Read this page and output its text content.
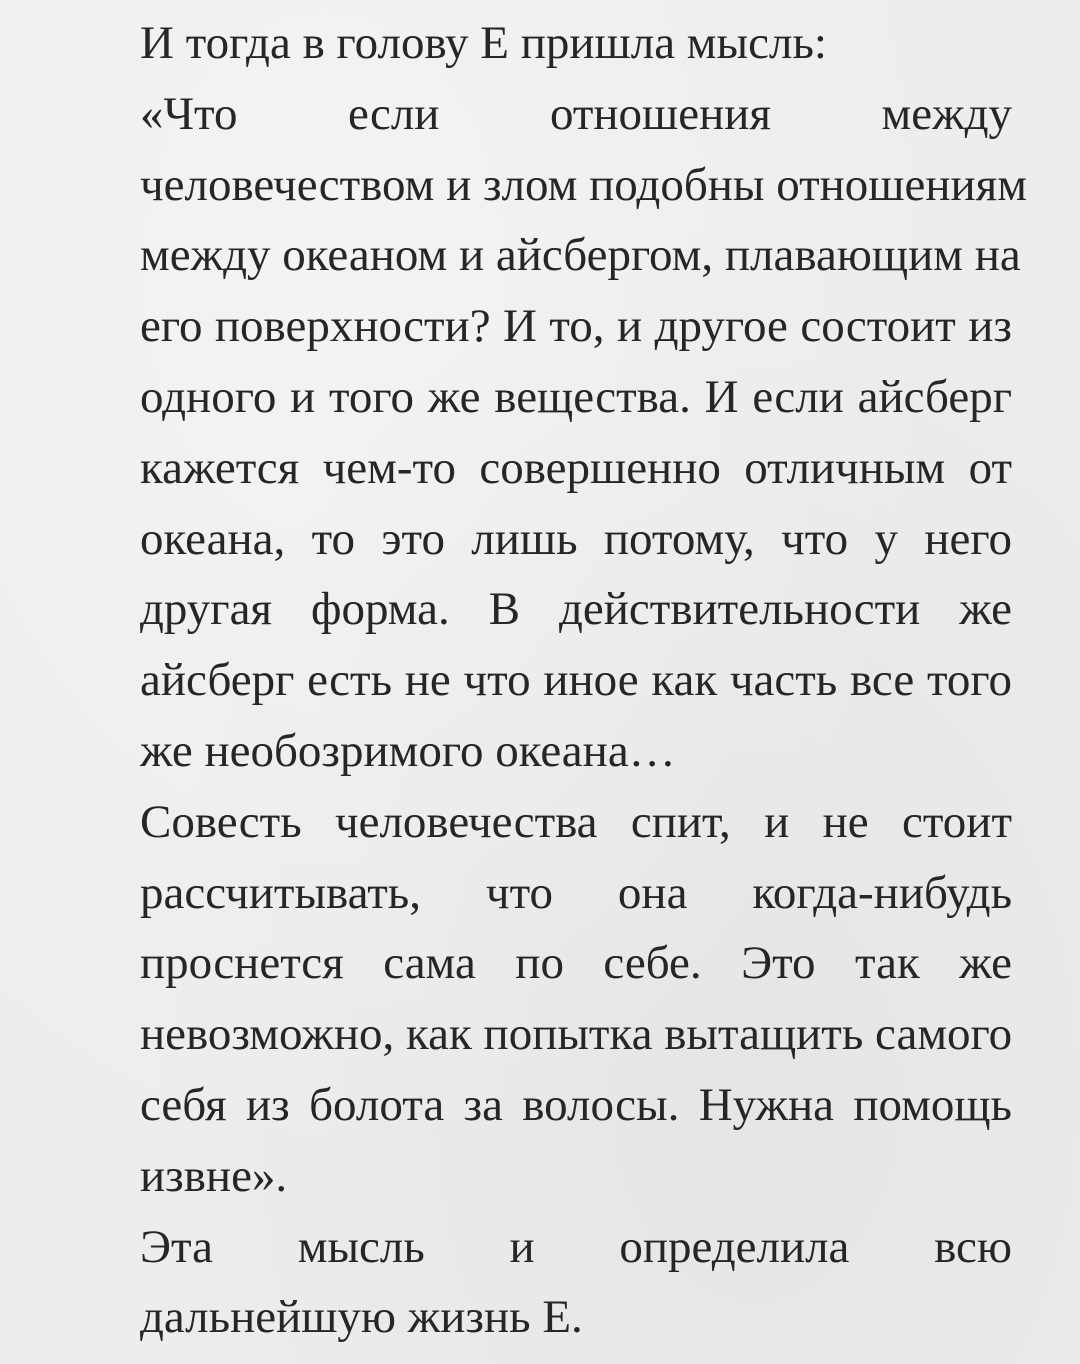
И тогда в голову Е пришла мысль:

«Что если отношения между
человечеством и злом подобны отношениям
между океаном и айсбергом, плавающим на
его поверхности? И то, и другое состоит из
одного и того же вещества. И если айсберг
кажется чем-то совершенно отличным от
океана, то это лишь потому, что у него
другая форма. В действительности же
айсберг есть не что иное как часть все того
же необозримого океана…

Совесть человечества спит, и не стоит
рассчитывать, что она когда-нибудь
проснется сама по себе. Это так же
невозможно, как попытка вытащить самого
себя из болота за волосы. Нужна помощь
извне».

Эта мысль и определила всю
дальнейшую жизнь Е.
